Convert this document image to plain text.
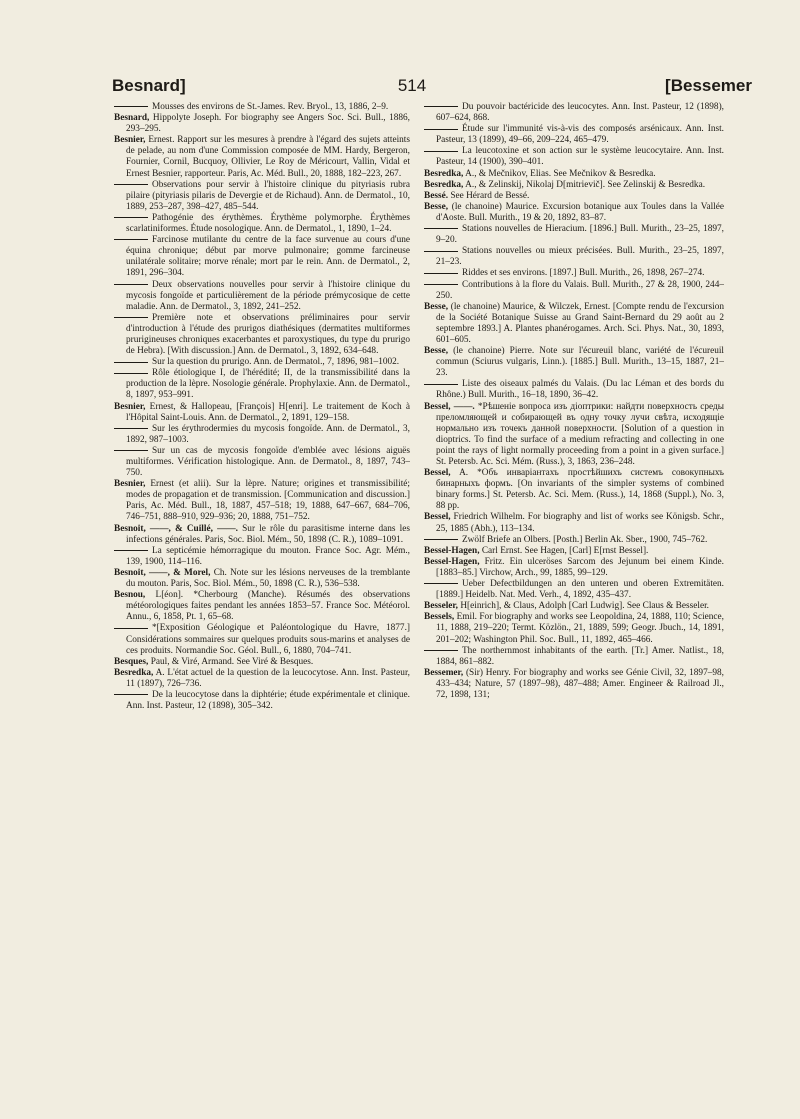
Besnard]	514	[Bessemer

Mousses des environs de St.-James. Rev. Bryol., 13, 1886, 2–9.

Besnard, Hippolyte Joseph. For biography see Angers Soc. Sci. Bull., 1886, 293–295.

Besnier, Ernest. Rapport sur les mesures à prendre à l'égard des sujets atteints de pelade, au nom d'une Commission composée de MM. Hardy, Bergeron, Fournier, Cornil, Bucquoy, Ollivier, Le Roy de Méricourt, Vallin, Vidal et Ernest Besnier, rapporteur. Paris, Ac. Méd. Bull., 20, 1888, 182–223, 267.

Observations pour servir à l'histoire clinique du pityriasis rubra pilaire (pityriasis pilaris de Devergie et de Richaud). Ann. de Dermatol., 10, 1889, 253–287, 398–427, 485–544.

Pathogénie des érythèmes. Érythème polymorphe. Érythèmes scarlatiniformes. Étude nosologique. Ann. de Dermatol., 1, 1890, 1–24.

Farcinose mutilante du centre de la face survenue au cours d'une équina chronique; début par morve pulmonaire; gomme farcineuse unilatérale solitaire; morve rénale; mort par le rein. Ann. de Dermatol., 2, 1891, 296–304.

Deux observations nouvelles pour servir à l'histoire clinique du mycosis fongoïde et particulièrement de la période prémycosique de cette maladie. Ann. de Dermatol., 3, 1892, 241–252.

Première note et observations préliminaires pour servir d'introduction à l'étude des prurigos diathésiques (dermatites multiformes prurigineuses chroniques exacerbantes et paroxystiques, du type du prurigo de Hebra). [With discussion.] Ann. de Dermatol., 3, 1892, 634–648.

Sur la question du prurigo. Ann. de Dermatol., 7, 1896, 981–1002.

Rôle étiologique I, de l'hérédité; II, de la transmissibilité dans la production de la lèpre. Nosologie générale. Prophylaxie. Ann. de Dermatol., 8, 1897, 953–991.

Besnier, Ernest, & Hallopeau, [François] H[enri]. Le traitement de Koch à l'Hôpital Saint-Louis. Ann. de Dermatol., 2, 1891, 129–158.

Sur les érythrodermies du mycosis fongoïde. Ann. de Dermatol., 3, 1892, 987–1003.

Sur un cas de mycosis fongoïde d'emblée avec lésions aiguës multiformes. Vérification histologique. Ann. de Dermatol., 8, 1897, 743–750.

Besnier, Ernest (et alii). Sur la lèpre. Nature; origines et transmissibilité; modes de propagation et de transmission. [Communication and discussion.] Paris, Ac. Méd. Bull., 18, 1887, 457–518; 19, 1888, 647–667, 684–706, 746–751, 888–910, 929–936; 20, 1888, 751–752.

Besnoit, ——, & Cuillé, ——. Sur le rôle du parasitisme interne dans les infections générales. Paris, Soc. Biol. Mém., 50, 1898 (C. R.), 1089–1091.

La septicémie hémorragique du mouton. France Soc. Agr. Mém., 139, 1900, 114–116.

Besnoit, ——, & Morel, Ch. Note sur les lésions nerveuses de la tremblante du mouton. Paris, Soc. Biol. Mém., 50, 1898 (C. R.), 536–538.

Besnou, L[éon]. *Cherbourg (Manche). Résumés des observations météorologiques faites pendant les années 1853–57. France Soc. Météorol. Annu., 6, 1858, Pt. 1, 65–68.

*[Exposition Géologique et Paléontologique du Havre, 1877.] Considérations sommaires sur quelques produits sous-marins et analyses de ces produits. Normandie Soc. Géol. Bull., 6, 1880, 704–741.

Besques, Paul, & Viré, Armand. See Viré & Besques.

Besredka, A. L'état actuel de la question de la leucocytose. Ann. Inst. Pasteur, 11 (1897), 726–736.

De la leucocytose dans la diphtérie; étude expérimentale et clinique. Ann. Inst. Pasteur, 12 (1898), 305–342.

Du pouvoir bactéricide des leucocytes. Ann. Inst. Pasteur, 12 (1898), 607–624, 868.

Étude sur l'immunité vis-à-vis des composés arsénicaux. Ann. Inst. Pasteur, 13 (1899), 49–66, 209–224, 465–479.

La leucotoxine et son action sur le système leucocytaire. Ann. Inst. Pasteur, 14 (1900), 390–401.

Besredka, A., & Mečnikov, Elias. See Mečnikov & Besredka.

Besredka, A., & Zelinskij, Nikolaj D[mitrievič]. See Zelinskij & Besredka.

Bessé. See Hérard de Bessé.

Besse, (le chanoine) Maurice. Excursion botanique aux Toules dans la Vallée d'Aoste. Bull. Murith., 19 & 20, 1892, 83–87.

Stations nouvelles de Hieracium. [1896.] Bull. Murith., 23–25, 1897, 9–20.

Stations nouvelles ou mieux précisées. Bull. Murith., 23–25, 1897, 21–23.

Riddes et ses environs. [1897.] Bull. Murith., 26, 1898, 267–274.

Contributions à la flore du Valais. Bull. Murith., 27 & 28, 1900, 244–250.

Besse, (le chanoine) Maurice, & Wilczek, Ernest. [Compte rendu de l'excursion de la Société Botanique Suisse au Grand Saint-Bernard du 29 août au 2 septembre 1893.] A. Plantes phanérogames. Arch. Sci. Phys. Nat., 30, 1893, 601–605.

Besse, (le chanoine) Pierre. Note sur l'écureuil blanc, variété de l'écureuil commun (Sciurus vulgaris, Linn.). [1885.] Bull. Murith., 13–15, 1887, 21–23.

Liste des oiseaux palmés du Valais. (Du lac Léman et des bords du Rhône.) Bull. Murith., 16–18, 1890, 36–42.

Bessel, ——. *Рѣшеніе вопроса изъ діоптрики: найдти поверхность среды преломляющей и собирающей въ одну точку лучи свѣта, исходящіе нормально изъ точекъ данной поверхности. [Solution of a question in dioptrics. To find the surface of a medium refracting and collecting in one point the rays of light normally proceeding from a point in a given surface.] St. Petersb. Ac. Sci. Mém. (Russ.), 3, 1863, 236–248.

Bessel, A. *Объ инваріантахъ простѣйшихъ системъ совокупныхъ бинарныхъ формъ. [On invariants of the simpler systems of combined binary forms.] St. Petersb. Ac. Sci. Mem. (Russ.), 14, 1868 (Suppl.), No. 3, 88 pp.

Bessel, Friedrich Wilhelm. For biography and list of works see Königsb. Schr., 25, 1885 (Abh.), 113–134.

Zwölf Briefe an Olbers. [Posth.] Berlin Ak. Sber., 1900, 745–762.

Bessel-Hagen, Carl Ernst. See Hagen, [Carl] E[rnst Bessel].

Bessel-Hagen, Fritz. Ein ulceröses Sarcom des Jejunum bei einem Kinde. [1883–85.] Virchow, Arch., 99, 1885, 99–129.

Ueber Defectbildungen an den unteren und oberen Extremitäten. [1889.] Heidelb. Nat. Med. Verh., 4, 1892, 435–437.

Besseler, H[einrich], & Claus, Adolph [Carl Ludwig]. See Claus & Besseler.

Bessels, Emil. For biography and works see Leopoldina, 24, 1888, 110; Science, 11, 1888, 219–220; Termt. Közlön., 21, 1889, 599; Geogr. Jbuch., 14, 1891, 201–202; Washington Phil. Soc. Bull., 11, 1892, 465–466.

The northernmost inhabitants of the earth. [Tr.] Amer. Natlist., 18, 1884, 861–882.

Bessemer, (Sir) Henry. For biography and works see Génie Civil, 32, 1897–98, 433–434; Nature, 57 (1897–98), 487–488; Amer. Engineer & Railroad Jl., 72, 1898, 131;
